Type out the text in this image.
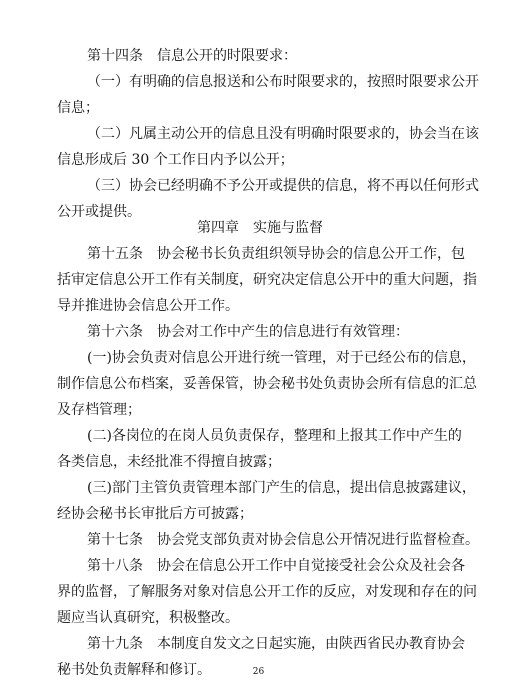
第十四条　信息公开的时限要求：
（一）有明确的信息报送和公布时限要求的，按照时限要求公开
信息；
（二）凡属主动公开的信息且没有明确时限要求的，协会当在该
信息形成后 30 个工作日内予以公开；
（三）协会已经明确不予公开或提供的信息，将不再以任何形式
公开或提供。
第四章　实施与监督
第十五条　协会秘书长负责组织领导协会的信息公开工作，包
括审定信息公开工作有关制度，研究决定信息公开中的重大问题，指
导并推进协会信息公开工作。
第十六条　协会对工作中产生的信息进行有效管理：
(一)协会负责对信息公开进行统一管理，对于已经公布的信息，
制作信息公布档案，妥善保管，协会秘书处负责协会所有信息的汇总
及存档管理；
(二)各岗位的在岗人员负责保存，整理和上报其工作中产生的
各类信息，未经批准不得擅自披露；
(三)部门主管负责管理本部门产生的信息，提出信息披露建议，
经协会秘书长审批后方可披露；
第十七条　协会党支部负责对协会信息公开情况进行监督检查。
第十八条　协会在信息公开工作中自觉接受社会公众及社会各
界的监督，了解服务对象对信息公开工作的反应，对发现和存在的问
题应当认真研究，积极整改。
第十九条　本制度自发文之日起实施，由陕西省民办教育协会
秘书处负责解释和修订。	26
